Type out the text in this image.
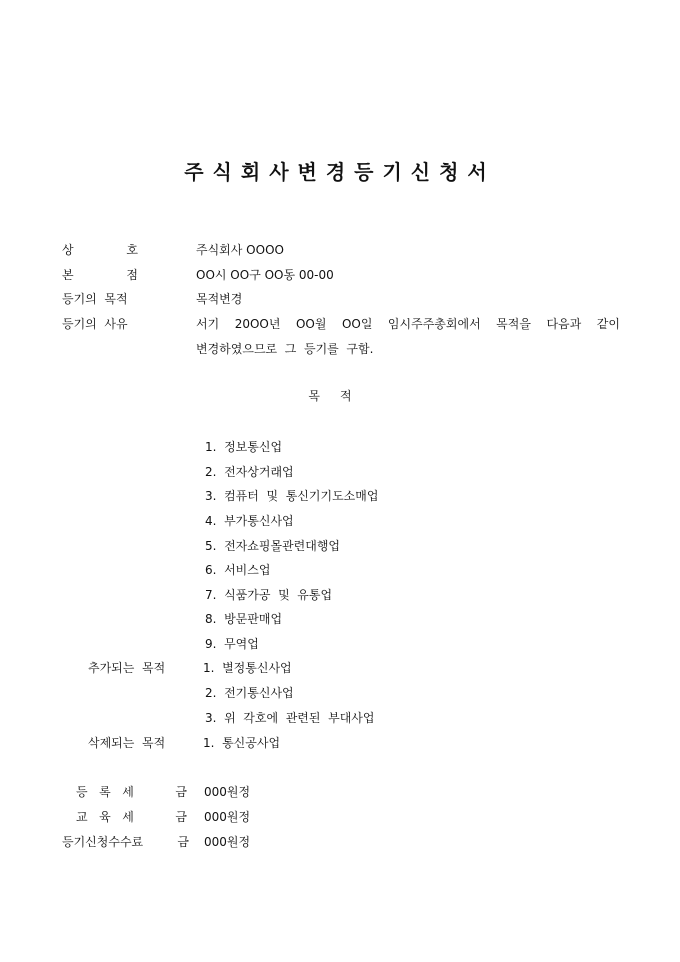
주식회사변경등기신청서
상	호	주식회사 OOOO
본	점	OO시 OO구 OO동 00-00
등기의  목적	목적변경
등기의  사유	서기 20OO년 OO월 OO일 임시주주총회에서 목적을 다음과 같이
변경하였으므로  그  등기를  구함.
목적
1.  정보통신업
2.  전자상거래업
3.  컴퓨터  및  통신기기도소매업
4.  부가통신사업
5.  전자쇼핑몰관련대행업
6.  서비스업
7.  식품가공  및  유통업
8.  방문판매업
9.  무역업
추가되는  목적	1.  별정통신사업
2.  전기통신사업
3.  위  각호에  관련된  부대사업
삭제되는  목적	1.  통신공사업
등 록 세	금 000원정
교 육 세	금 000원정
등기신청수수료	금 000원정
